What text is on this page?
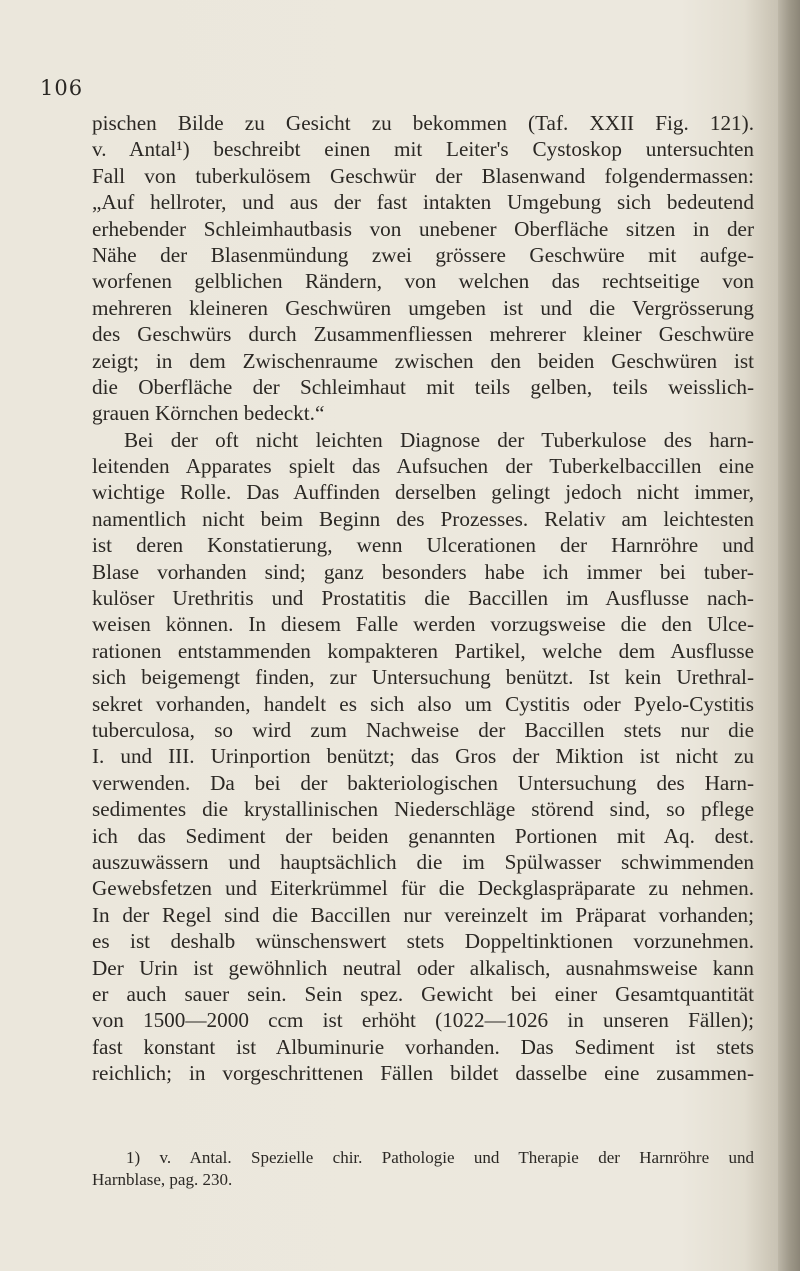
106
pischen Bilde zu Gesicht zu bekommen (Taf. XXII Fig. 121).
v. Antal¹) beschreibt einen mit Leiter's Cystoskop untersuchten
Fall von tuberkulösem Geschwür der Blasenwand folgendermassen:
„Auf hellroter, und aus der fast intakten Umgebung sich bedeutend
erhebender Schleimhautbasis von unebener Oberfläche sitzen in der
Nähe der Blasenmündung zwei grössere Geschwüre mit aufge-
worfenen gelblichen Rändern, von welchen das rechtseitige von
mehreren kleineren Geschwüren umgeben ist und die Vergrösserung
des Geschwürs durch Zusammenfliessen mehrerer kleiner Geschwüre
zeigt; in dem Zwischenraume zwischen den beiden Geschwüren ist
die Oberfläche der Schleimhaut mit teils gelben, teils weisslich-
grauen Körnchen bedeckt.“
Bei der oft nicht leichten Diagnose der Tuberkulose des harn-
leitenden Apparates spielt das Aufsuchen der Tuberkelbaccillen eine
wichtige Rolle. Das Auffinden derselben gelingt jedoch nicht immer,
namentlich nicht beim Beginn des Prozesses. Relativ am leichtesten
ist deren Konstatierung, wenn Ulcerationen der Harnröhre und
Blase vorhanden sind; ganz besonders habe ich immer bei tuber-
kulöser Urethritis und Prostatitis die Baccillen im Ausflusse nach-
weisen können. In diesem Falle werden vorzugsweise die den Ulce-
rationen entstammenden kompakteren Partikel, welche dem Ausflusse
sich beigemengt finden, zur Untersuchung benützt. Ist kein Urethral-
sekret vorhanden, handelt es sich also um Cystitis oder Pyelo-Cystitis
tuberculosa, so wird zum Nachweise der Baccillen stets nur die
I. und III. Urinportion benützt; das Gros der Miktion ist nicht zu
verwenden. Da bei der bakteriologischen Untersuchung des Harn-
sedimentes die krystallinischen Niederschläge störend sind, so pflege
ich das Sediment der beiden genannten Portionen mit Aq. dest.
auszuwässern und hauptsächlich die im Spülwasser schwimmenden
Gewebsfetzen und Eiterkrümmel für die Deckglaspräparate zu nehmen.
In der Regel sind die Baccillen nur vereinzelt im Präparat vorhanden;
es ist deshalb wünschenswert stets Doppeltinktionen vorzunehmen.
Der Urin ist gewöhnlich neutral oder alkalisch, ausnahmsweise kann
er auch sauer sein. Sein spez. Gewicht bei einer Gesamtquantität
von 1500—2000 ccm ist erhöht (1022—1026 in unseren Fällen);
fast konstant ist Albuminurie vorhanden. Das Sediment ist stets
reichlich; in vorgeschrittenen Fällen bildet dasselbe eine zusammen-
1) v. Antal. Spezielle chir. Pathologie und Therapie der Harnröhre und
Harnblase, pag. 230.
